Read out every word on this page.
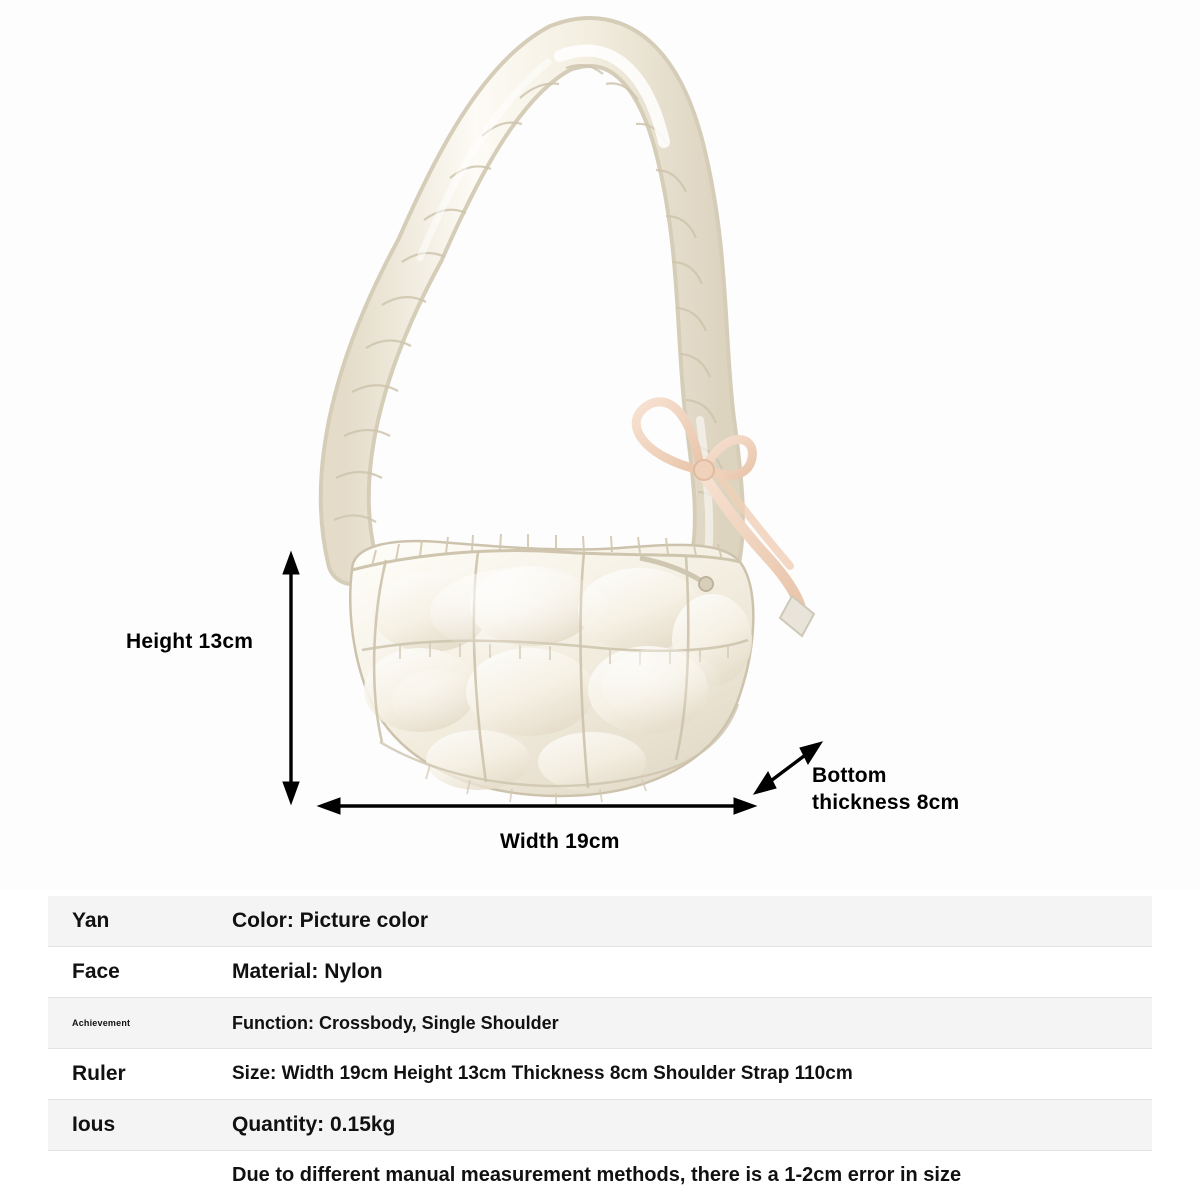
Height 13cm
Width 19cm
Bottom
thickness 8cm
Yan	Color: Picture color
Face	Material: Nylon
Achievement	Function: Crossbody, Single Shoulder
Ruler	Size: Width 19cm Height 13cm Thickness 8cm Shoulder Strap 110cm
Ious	Quantity: 0.15kg
	Due to different manual measurement methods, there is a 1-2cm error in size
